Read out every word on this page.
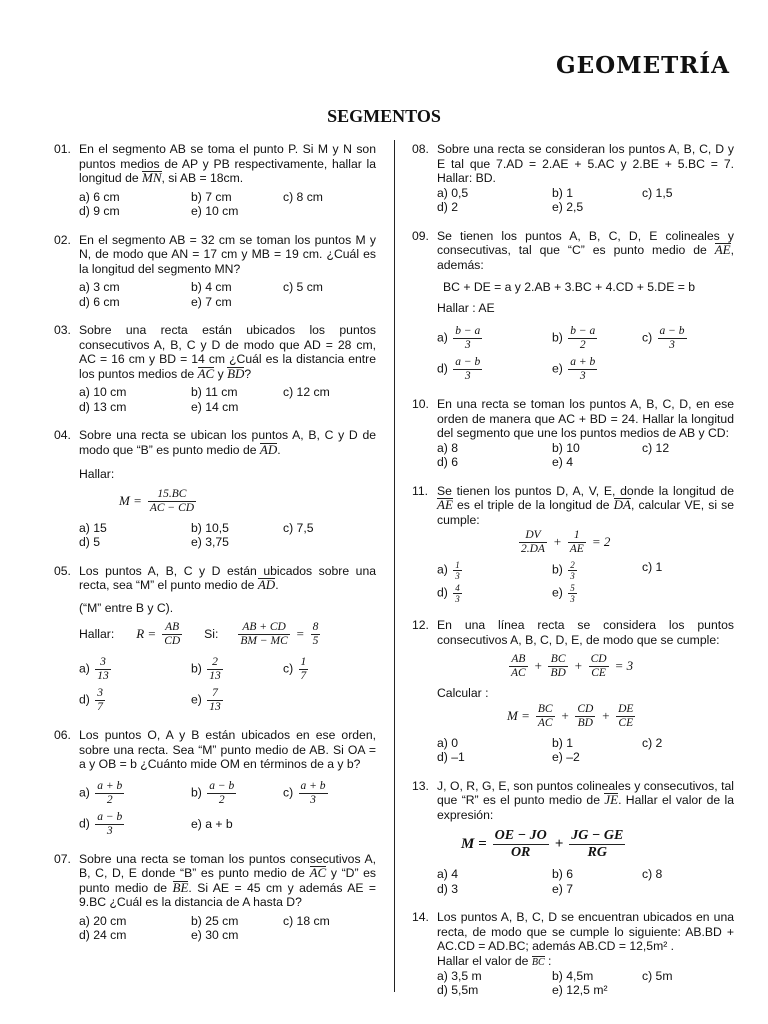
GEOMETRÍA
SEGMENTOS
01. En el segmento AB se toma el punto P. Si M y N son puntos medios de AP y PB respectivamente, hallar la longitud de MN, si AB = 18cm.

a) 6 cm	b) 7 cm	c) 8 cm
d) 9 cm	e) 10 cm
02. En el segmento AB = 32 cm se toman los puntos M y N, de modo que AN = 17 cm y MB = 19 cm. ¿Cuál es la longitud del segmento MN?

a) 3 cm	b) 4 cm	c) 5 cm
d) 6 cm	e) 7 cm
03. Sobre una recta están ubicados los puntos consecutivos A, B, C y D de modo que AD = 28 cm, AC = 16 cm y BD = 14 cm ¿Cuál es la distancia entre los puntos medios de AC y BD?

a) 10 cm	b) 11 cm	c) 12 cm
d) 13 cm	e) 14 cm
04. Sobre una recta se ubican los puntos A, B, C y D de modo que “B” es punto medio de AD.

Hallar:

$M = \frac{15.BC}{AC - CD}$
a) 15	b) 10,5	c) 7,5
d) 5	e) 3,75
05. Los puntos A, B, C y D están ubicados sobre una recta, sea “M” el punto medio de AD.

(“M” entre B y C).

Hallar: $R = \frac{AB}{CD} Si$: $\frac{AB + CD}{BM - MC} = \frac{8}{5}$
$a) \frac{3}{13}$	$b) \frac{2}{13}$	$c) \frac{1}{7}$
$d) \frac{3}{7}$	$e) \frac{7}{13}$
06. Los puntos O, A y B están ubicados en ese orden, sobre una recta. Sea “M” punto medio de AB. Si OA = a y OB = b ¿Cuánto mide OM en términos de a y b?

$a) \frac{a + b}{2}$	$b) \frac{a - b}{2}$	$c) \frac{a + b}{3}$
$d) \frac{a - b}{3}$	e) a + b
07. Sobre una recta se toman los puntos consecutivos A, B, C, D, E donde “B” es punto medio de AC y “D” es punto medio de BE. Si AE = 45 cm y además AE = 9.BC ¿Cuál es la distancia de A hasta D?

a) 20 cm	b) 25 cm	c) 18 cm
d) 24 cm	e) 30 cm
08. Sobre una recta se consideran los puntos A, B, C, D y E tal que 7.AD = 2.AE + 5.AC y 2.BE + 5.BC = 7. Hallar: BD.

a) 0,5	b) 1	c) 1,5
d) 2	e) 2,5
09. Se tienen los puntos A, B, C, D, E colineales y consecutivas, tal que “C” es punto medio de AE, además:

BC + DE = a y 2.AB + 3.BC + 4.CD + 5.DE = b

Hallar : AE

$a) \frac{b - a}{3}$	$b) \frac{b - a}{2}$	$c) \frac{a - b}{3}$
$d) \frac{a - b}{3}$	$e) \frac{a + b}{3}$
10. En una recta se toman los puntos A, B, C, D, en ese orden de manera que AC + BD = 24. Hallar la longitud del segmento que une los puntos medios de AB y CD:

a) 8	b) 10	c) 12
d) 6	e) 4
11. Se tienen los puntos D, A, V, E, donde la longitud de AE es el triple de la longitud de DA, calcular VE, si se cumple:

$\frac{DV}{2.DA} + \frac{1}{AE} = 2$
$a) \frac{1}{3}$	$b) \frac{2}{3}$	c) 1
$d) \frac{4}{3}$	$e) \frac{5}{3}$
12. En una línea recta se considera los puntos consecutivos A, B, C, D, E, de modo que se cumple:

$\frac{AB}{AC} + \frac{BC}{BD} + \frac{CD}{CE} = 3$

Calcular :

$M = \frac{BC}{AC} + \frac{CD}{BD} + \frac{DE}{CE}$
a) 0	b) 1	c) 2
d) –1	e) –2
13. J, O, R, G, E, son puntos colineales y consecutivos, tal que “R” es el punto medio de JE. Hallar el valor de la expresión:

$M = \frac{OE - JO}{OR} + \frac{JG - GE}{RG}$
a) 4	b) 6	c) 8
d) 3	e) 7
14. Los puntos A, B, C, D se encuentran ubicados en una recta, de modo que se cumple lo siguiente: AB.BD + AC.CD = AD.BC; además AB.CD = 12,5m² .

Hallar el valor de BC :

a) 3,5 m	b) 4,5m	c) 5m
d) 5,5m	e) 12,5 m²
